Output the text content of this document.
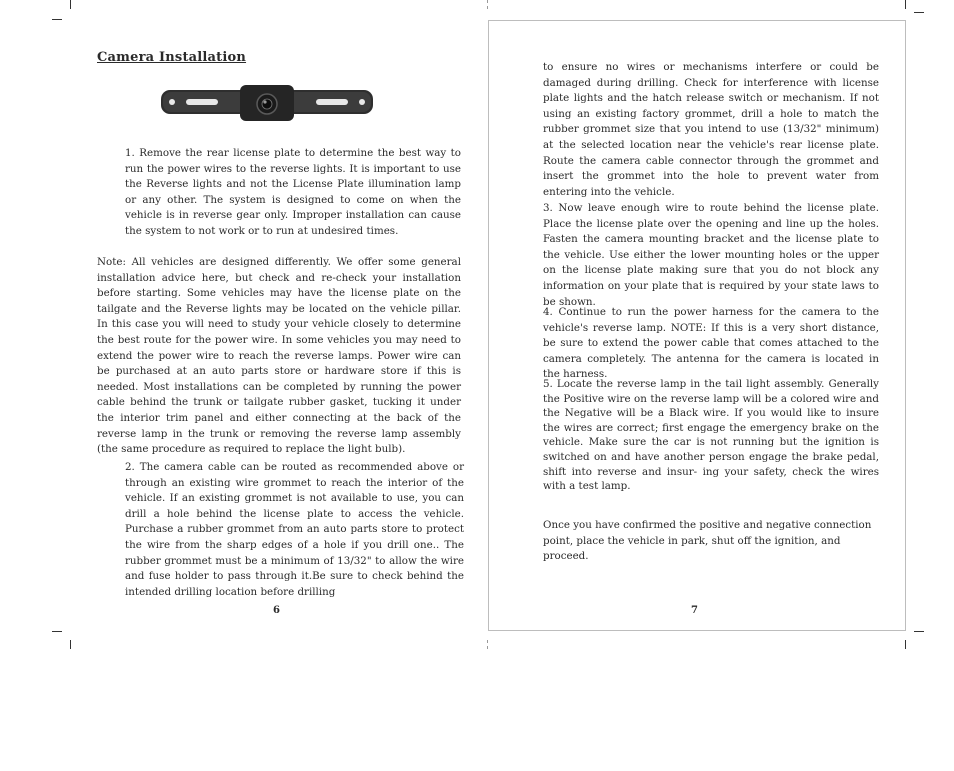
Camera Installation

1. Remove the rear license plate to determine the best way to run the power wires to the reverse lights. It is important to use the Reverse lights and not the License Plate illumination lamp or any other. The system is designed to come on when the vehicle is in reverse gear only. Improper installation can cause the system to not work or to run at undesired times.

Note: All vehicles are designed differently. We offer some general installation advice here, but check and re-check your installation before starting. Some vehicles may have the license plate on the tailgate and the Reverse lights may be located on the vehicle pillar. In this case you will need to study your vehicle closely to determine the best route for the power wire. In some vehicles you may need to extend the power wire to reach the reverse lamps. Power wire can be purchased at an auto parts store or hardware store if this is needed. Most installations can be completed by running the power cable behind the trunk or tailgate rubber gasket, tucking it under the interior trim panel and either connecting at the back of the reverse lamp in the trunk or removing the reverse lamp assembly (the same procedure as required to replace the light bulb).

2. The camera cable can be routed as recommended above or through an existing wire grommet to reach the interior of the vehicle. If an existing grommet is not available to use, you can drill a hole behind the license plate to access the vehicle. Purchase a rubber grommet from an auto parts store to protect the wire from the sharp edges of a hole if you drill one.. The rubber grommet must be a minimum of 13/32" to allow the wire and fuse holder to pass through it.Be sure to check behind the intended drilling location before drilling

6

to ensure no wires or mechanisms interfere or could be damaged during drilling. Check for interference with license plate lights and the hatch release switch or mechanism. If not using an existing factory grommet, drill a hole to match the rubber grommet size that you intend to use (13/32" minimum) at the selected location near the vehicle's rear license plate. Route the camera cable connector through the grommet and insert the grommet into the hole to prevent water from entering into the vehicle.

3. Now leave enough wire to route behind the license plate. Place the license plate over the opening and line up the holes. Fasten the camera mounting bracket and the license plate to the vehicle. Use either the lower mounting holes or the upper on the license plate making sure that you do not block any information on your plate that is required by your state laws to be shown.

4. Continue to run the power harness for the camera to the vehicle's reverse lamp. NOTE: If this is a very short distance, be sure to extend the power cable that comes attached to the camera completely. The antenna for the camera is located in the harness.

5. Locate the reverse lamp in the tail light assembly. Generally the Positive wire on the reverse lamp will be a colored wire and the Negative will be a Black wire. If you would like to insure the wires are correct; first engage the emergency brake on the vehicle. Make sure the car is not running but the ignition is switched on and have another person engage the brake pedal, shift into reverse and insur- ing your safety, check the wires with a test lamp.

Once you have confirmed the positive and negative connection point, place the vehicle in park, shut off the ignition, and proceed.

7
